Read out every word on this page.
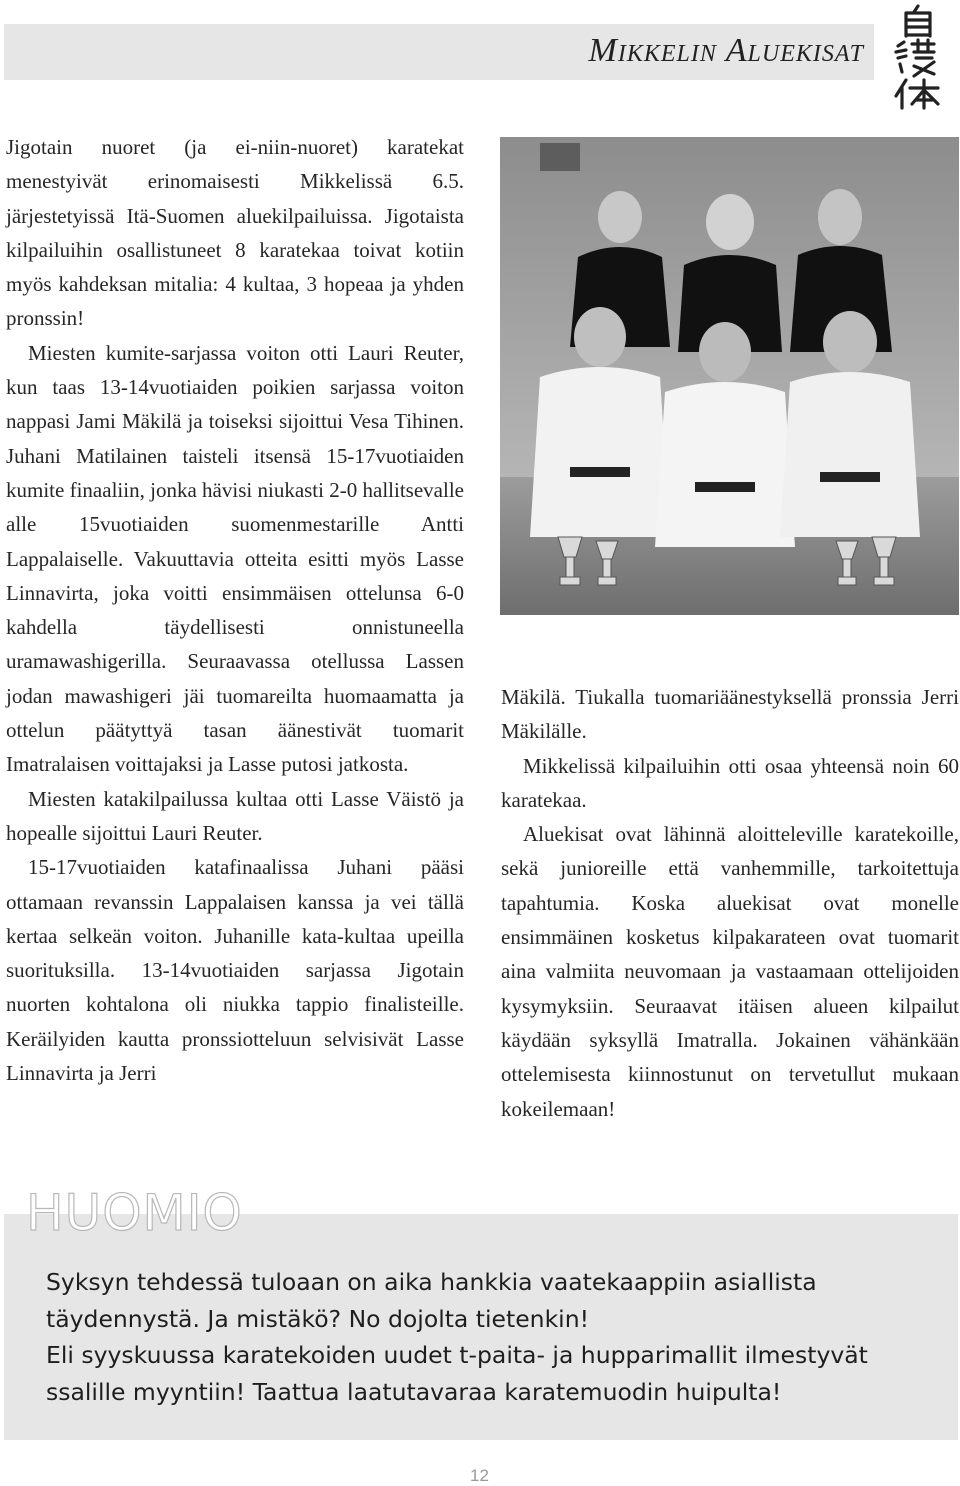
Mikkelin Aluekisat

Jigotain nuoret (ja ei-niin-nuoret) karatekat menestyivät erinomaisesti Mikkelissä 6.5. järjestetyissä Itä-Suomen aluekilpailuissa. Jigotaista kilpailuihin osallistuneet 8 karatekaa toivat kotiin myös kahdeksan mitalia: 4 kultaa, 3 hopeaa ja yhden pronssin!

Miesten kumite-sarjassa voiton otti Lauri Reuter, kun taas 13-14vuotiaiden poikien sarjassa voiton nappasi Jami Mäkilä ja toiseksi sijoittui Vesa Tihinen. Juhani Matilainen taisteli itsensä 15-17vuotiaiden kumite finaaliin, jonka hävisi niukasti 2-0 hallitsevalle alle 15vuotiaiden suomenmestarille Antti Lappalaiselle. Vakuuttavia otteita esitti myös Lasse Linnavirta, joka voitti ensimmäisen ottelunsa 6-0 kahdella täydellisesti onnistuneella uramawashigerilla. Seuraavassa otellussa Lassen jodan mawashigeri jäi tuomareilta huomaamatta ja ottelun päätyttyä tasan äänestivät tuomarit Imatralaisen voittajaksi ja Lasse putosi jatkosta.

Miesten katakilpailussa kultaa otti Lasse Väistö ja hopealle sijoittui Lauri Reuter.

15-17vuotiaiden katafinaalissa Juhani pääsi ottamaan revanssin Lappalaisen kanssa ja vei tällä kertaa selkeän voiton. Juhanille kata-kultaa upeilla suorituksilla. 13-14vuotiaiden sarjassa Jigotain nuorten kohtalona oli niukka tappio finalisteille. Keräilyiden kautta pronssiotteluun selvisivät Lasse Linnavirta ja Jerri

Mäkilä. Tiukalla tuomariäänestyksellä pronssia Jerri Mäkilälle.

Mikkelissä kilpailuihin otti osaa yhteensä noin 60 karatekaa.

Aluekisat ovat lähinnä aloitteleville karatekoille, sekä junioreille että vanhemmille, tarkoitettuja tapahtumia. Koska aluekisat ovat monelle ensimmäinen kosketus kilpakarateen ovat tuomarit aina valmiita neuvomaan ja vastaamaan ottelijoiden kysymyksiin. Seuraavat itäisen alueen kilpailut käydään syksyllä Imatralla. Jokainen vähänkään ottelemisesta kiinnostunut on tervetullut mukaan kokeilemaan!

HUOMIO

Syksyn tehdessä tuloaan on aika hankkia vaatekaappiin asiallista täydennystä. Ja mistäkö? No dojolta tietenkin!

Eli syyskuussa karatekoiden uudet t-paita- ja hupparimallit ilmestyvät ssalille myyntiin! Taattua laatutavaraa karatemuodin huipulta!

12
